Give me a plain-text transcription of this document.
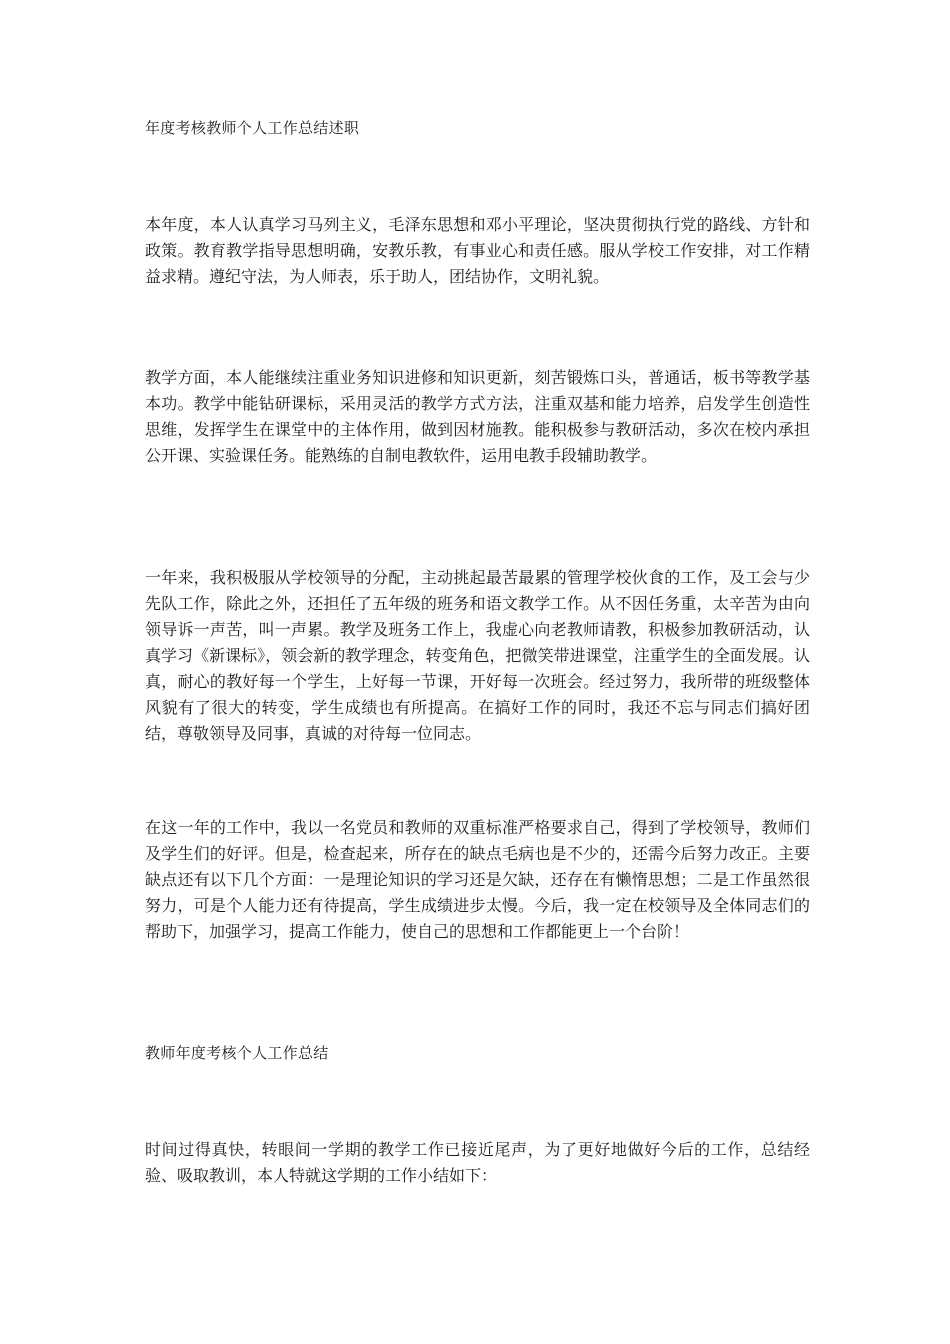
年度考核教师个人工作总结述职

本年度，本人认真学习马列主义，毛泽东思想和邓小平理论，坚决贯彻执行党的路线、方针和政策。教育教学指导思想明确，安教乐教，有事业心和责任感。服从学校工作安排，对工作精益求精。遵纪守法，为人师表，乐于助人，团结协作，文明礼貌。

教学方面，本人能继续注重业务知识进修和知识更新，刻苦锻炼口头，普通话，板书等教学基本功。教学中能钻研课标，采用灵活的教学方式方法，注重双基和能力培养，启发学生创造性思维，发挥学生在课堂中的主体作用，做到因材施教。能积极参与教研活动，多次在校内承担公开课、实验课任务。能熟练的自制电教软件，运用电教手段辅助教学。

一年来，我积极服从学校领导的分配，主动挑起最苦最累的管理学校伙食的工作，及工会与少先队工作，除此之外，还担任了五年级的班务和语文教学工作。从不因任务重，太辛苦为由向领导诉一声苦，叫一声累。教学及班务工作上，我虚心向老教师请教，积极参加教研活动，认真学习《新课标》，领会新的教学理念，转变角色，把微笑带进课堂，注重学生的全面发展。认真，耐心的教好每一个学生，上好每一节课，开好每一次班会。经过努力，我所带的班级整体风貌有了很大的转变，学生成绩也有所提高。在搞好工作的同时，我还不忘与同志们搞好团结，尊敬领导及同事，真诚的对待每一位同志。

在这一年的工作中，我以一名党员和教师的双重标准严格要求自己，得到了学校领导，教师们及学生们的好评。但是，检查起来，所存在的缺点毛病也是不少的，还需今后努力改正。主要缺点还有以下几个方面：一是理论知识的学习还是欠缺，还存在有懒惰思想；二是工作虽然很努力，可是个人能力还有待提高，学生成绩进步太慢。今后，我一定在校领导及全体同志们的帮助下，加强学习，提高工作能力，使自己的思想和工作都能更上一个台阶！

教师年度考核个人工作总结

时间过得真快，转眼间一学期的教学工作已接近尾声，为了更好地做好今后的工作，总结经验、吸取教训，本人特就这学期的工作小结如下：
